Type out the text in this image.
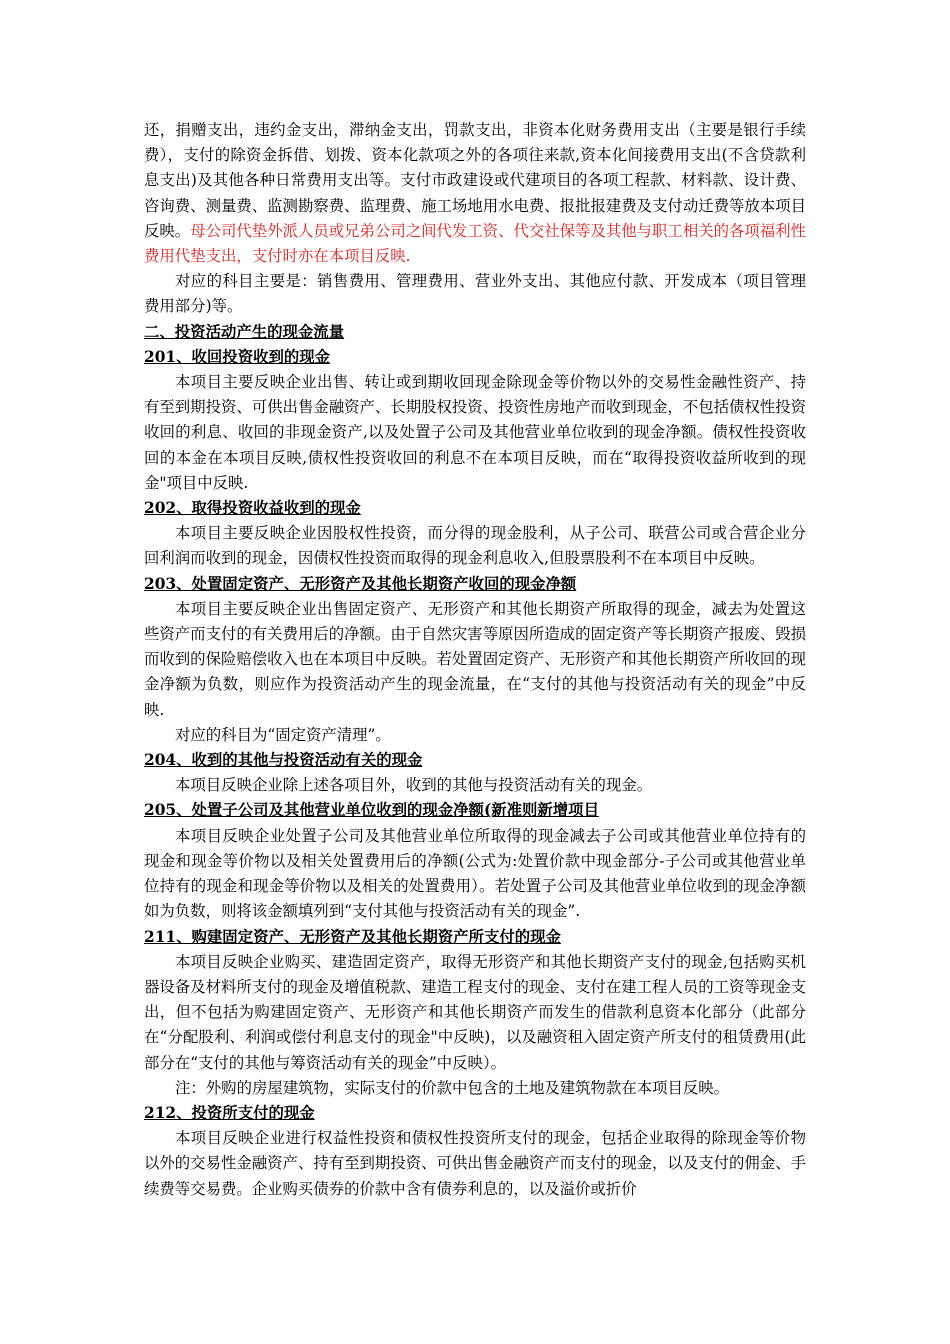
还，捐赠支出，违约金支出，滞纳金支出，罚款支出，非资本化财务费用支出（主要是银行手续费），支付的除资金拆借、划拨、资本化款项之外的各项往来款,资本化间接费用支出(不含贷款利息支出)及其他各种日常费用支出等。支付市政建设或代建项目的各项工程款、材料款、设计费、咨询费、测量费、监测勘察费、监理费、施工场地用水电费、报批报建费及支付动迁费等放本项目反映。母公司代垫外派人员或兄弟公司之间代发工资、代交社保等及其他与职工相关的各项福利性费用代垫支出，支付时亦在本项目反映.

对应的科目主要是：销售费用、管理费用、营业外支出、其他应付款、开发成本（项目管理费用部分)等。

二、投资活动产生的现金流量

201、收回投资收到的现金

本项目主要反映企业出售、转让或到期收回现金除现金等价物以外的交易性金融性资产、持有至到期投资、可供出售金融资产、长期股权投资、投资性房地产而收到现金，不包括债权性投资收回的利息、收回的非现金资产,以及处置子公司及其他营业单位收到的现金净额。债权性投资收回的本金在本项目反映,债权性投资收回的利息不在本项目反映，而在“取得投资收益所收到的现金"项目中反映.

202、取得投资收益收到的现金

本项目主要反映企业因股权性投资，而分得的现金股利，从子公司、联营公司或合营企业分回利润而收到的现金，因债权性投资而取得的现金利息收入,但股票股利不在本项目中反映。

203、处置固定资产、无形资产及其他长期资产收回的现金净额

本项目主要反映企业出售固定资产、无形资产和其他长期资产所取得的现金，减去为处置这些资产而支付的有关费用后的净额。由于自然灾害等原因所造成的固定资产等长期资产报废、毁损而收到的保险赔偿收入也在本项目中反映。若处置固定资产、无形资产和其他长期资产所收回的现金净额为负数，则应作为投资活动产生的现金流量，在“支付的其他与投资活动有关的现金”中反映.

对应的科目为“固定资产清理”。

204、收到的其他与投资活动有关的现金

本项目反映企业除上述各项目外，收到的其他与投资活动有关的现金。

205、处置子公司及其他营业单位收到的现金净额(新准则新增项目

本项目反映企业处置子公司及其他营业单位所取得的现金减去子公司或其他营业单位持有的现金和现金等价物以及相关处置费用后的净额(公式为:处置价款中现金部分-子公司或其他营业单位持有的现金和现金等价物以及相关的处置费用）。若处置子公司及其他营业单位收到的现金净额如为负数，则将该金额填列到“支付其他与投资活动有关的现金”.

211、购建固定资产、无形资产及其他长期资产所支付的现金

本项目反映企业购买、建造固定资产，取得无形资产和其他长期资产支付的现金,包括购买机器设备及材料所支付的现金及增值税款、建造工程支付的现金、支付在建工程人员的工资等现金支出，但不包括为购建固定资产、无形资产和其他长期资产而发生的借款利息资本化部分（此部分在“分配股利、利润或偿付利息支付的现金"中反映)，以及融资租入固定资产所支付的租赁费用(此部分在“支付的其他与筹资活动有关的现金”中反映）。

注：外购的房屋建筑物，实际支付的价款中包含的土地及建筑物款在本项目反映。

212、投资所支付的现金

本项目反映企业进行权益性投资和债权性投资所支付的现金，包括企业取得的除现金等价物以外的交易性金融资产、持有至到期投资、可供出售金融资产而支付的现金，以及支付的佣金、手续费等交易费。企业购买债券的价款中含有债券利息的，以及溢价或折价
